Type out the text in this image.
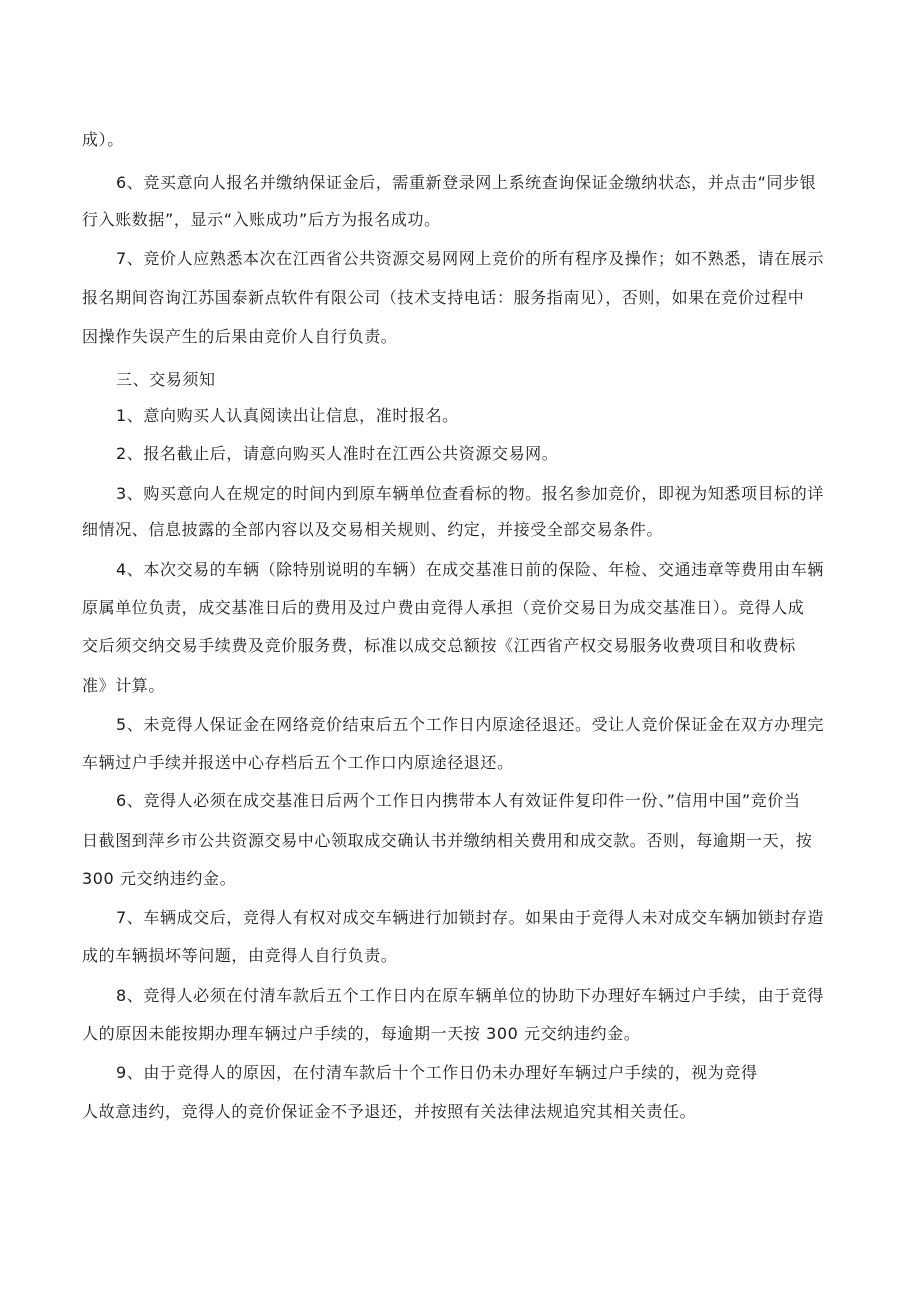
成）。

6、竞买意向人报名并缴纳保证金后，需重新登录网上系统查询保证金缴纳状态，并点击“同步银

行入账数据”，显示“入账成功”后方为报名成功。

7、竞价人应熟悉本次在江西省公共资源交易网网上竞价的所有程序及操作；如不熟悉，请在展示

报名期间咨询江苏国泰新点软件有限公司（技术支持电话：服务指南见），否则，如果在竞价过程中

因操作失误产生的后果由竞价人自行负责。

三、交易须知

1、意向购买人认真阅读出让信息，准时报名。

2、报名截止后，请意向购买人准时在江西公共资源交易网。

3、购买意向人在规定的时间内到原车辆单位查看标的物。报名参加竞价，即视为知悉项目标的详

细情况、信息披露的全部内容以及交易相关规则、约定，并接受全部交易条件。

4、本次交易的车辆（除特别说明的车辆）在成交基准日前的保险、年检、交通违章等费用由车辆

原属单位负责，成交基准日后的费用及过户费由竞得人承担（竞价交易日为成交基准日）。竞得人成

交后须交纳交易手续费及竞价服务费，标准以成交总额按《江西省产权交易服务收费项目和收费标

准》计算。

5、未竞得人保证金在网络竞价结束后五个工作日内原途径退还。受让人竞价保证金在双方办理完

车辆过户手续并报送中心存档后五个工作口内原途径退还。

6、竞得人必须在成交基准日后两个工作日内携带本人有效证件复印件一份、”信用中国”竞价当

日截图到萍乡市公共资源交易中心领取成交确认书并缴纳相关费用和成交款。否则，每逾期一天，按

300 元交纳违约金。

7、车辆成交后，竞得人有权对成交车辆进行加锁封存。如果由于竞得人未对成交车辆加锁封存造

成的车辆损坏等问题，由竞得人自行负责。

8、竞得人必须在付清车款后五个工作日内在原车辆单位的协助下办理好车辆过户手续，由于竞得

人的原因未能按期办理车辆过户手续的，每逾期一天按 300 元交纳违约金。

9、由于竞得人的原因，在付清车款后十个工作日仍未办理好车辆过户手续的，视为竞得

人故意违约，竞得人的竞价保证金不予退还，并按照有关法律法规追究其相关责任。
